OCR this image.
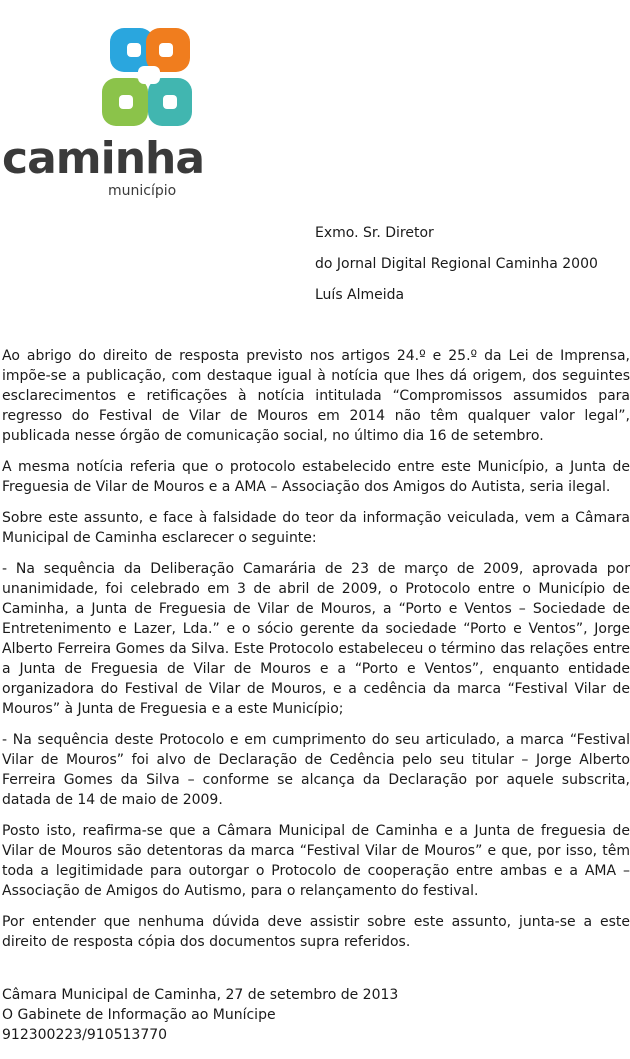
caminha
município
Exmo. Sr. Diretor
do Jornal Digital Regional Caminha 2000
Luís Almeida

Ao abrigo do direito de resposta previsto nos artigos 24.º e 25.º da Lei de Imprensa, impõe-se a publicação, com destaque igual à notícia que lhes dá origem, dos seguintes esclarecimentos e retificações à notícia intitulada “Compromissos assumidos para regresso do Festival de Vilar de Mouros em 2014 não têm qualquer valor legal”, publicada nesse órgão de comunicação social, no último dia 16 de setembro.

A mesma notícia referia que o protocolo estabelecido entre este Município, a Junta de Freguesia de Vilar de Mouros e a AMA – Associação dos Amigos do Autista, seria ilegal.

Sobre este assunto, e face à falsidade do teor da informação veiculada, vem a Câmara Municipal de Caminha esclarecer o seguinte:

- Na sequência da Deliberação Camarária de 23 de março de 2009, aprovada por unanimidade, foi celebrado em 3 de abril de 2009, o Protocolo entre o Município de Caminha, a Junta de Freguesia de Vilar de Mouros, a “Porto e Ventos – Sociedade de Entretenimento e Lazer, Lda.” e o sócio gerente da sociedade “Porto e Ventos”, Jorge Alberto Ferreira Gomes da Silva. Este Protocolo estabeleceu o término das relações entre a Junta de Freguesia de Vilar de Mouros e a “Porto e Ventos”, enquanto entidade organizadora do Festival de Vilar de Mouros, e a cedência da marca “Festival Vilar de Mouros” à Junta de Freguesia e a este Município;

- Na sequência deste Protocolo e em cumprimento do seu articulado, a marca “Festival Vilar de Mouros” foi alvo de Declaração de Cedência pelo seu titular – Jorge Alberto Ferreira Gomes da Silva – conforme se alcança da Declaração por aquele subscrita, datada de 14 de maio de 2009.

Posto isto, reafirma-se que a Câmara Municipal de Caminha e a Junta de freguesia de Vilar de Mouros são detentoras da marca “Festival Vilar de Mouros” e que, por isso, têm toda a legitimidade para outorgar o Protocolo de cooperação entre ambas e a AMA – Associação de Amigos do Autismo, para o relançamento do festival.

Por entender que nenhuma dúvida deve assistir sobre este assunto, junta-se a este direito de resposta cópia dos documentos supra referidos.

Câmara Municipal de Caminha, 27 de setembro de 2013
O Gabinete de Informação ao Munícipe
912300223/910513770
